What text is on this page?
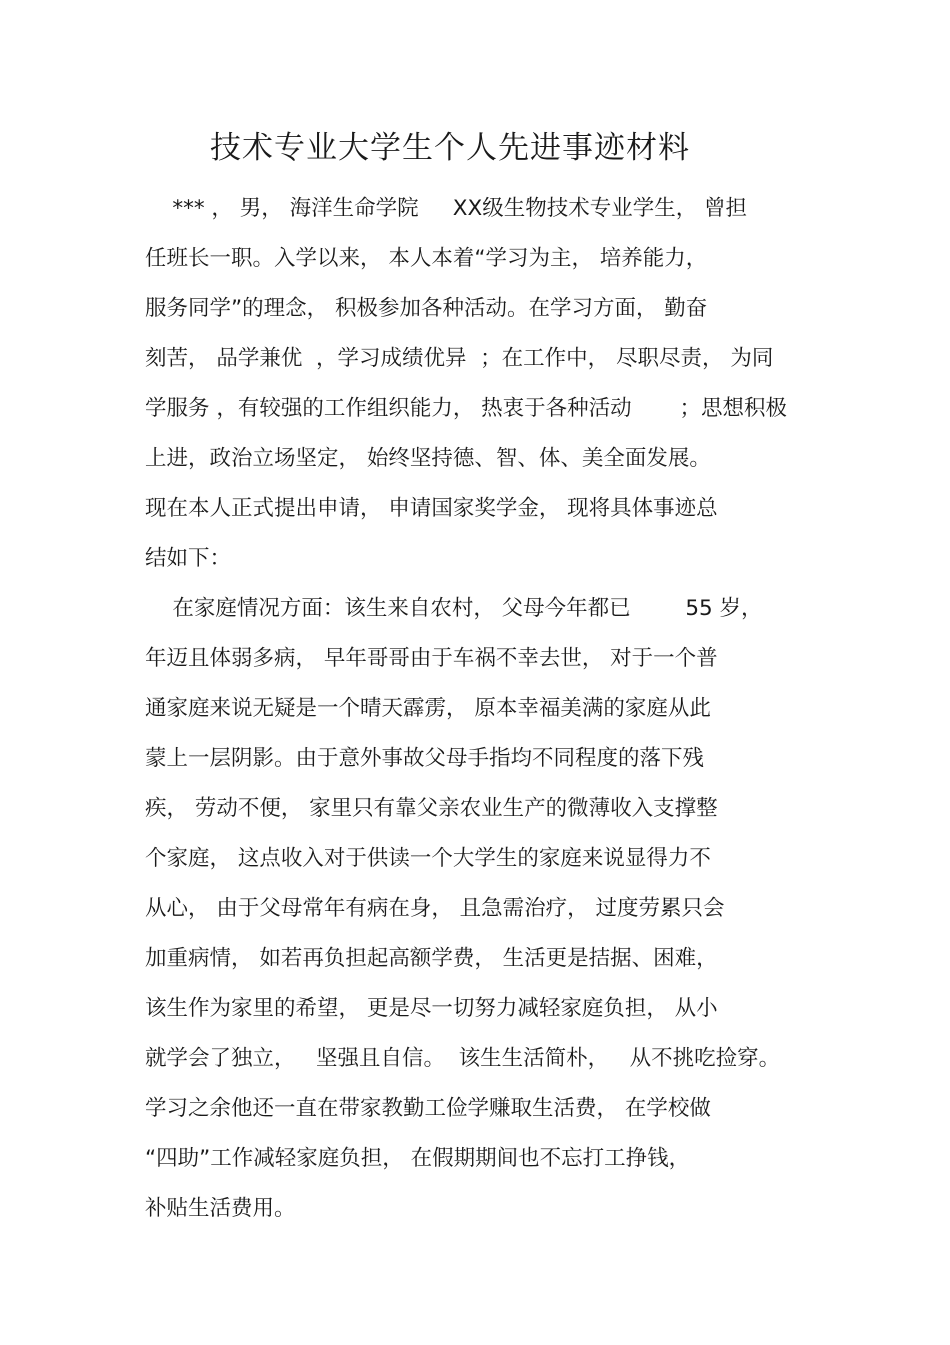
技术专业大学生个人先进事迹材料
*** ， 男， 海洋生命学院     XX级生物技术专业学生， 曾担
任班长一职。入学以来， 本人本着“学习为主， 培养能力，
服务同学”的理念， 积极参加各种活动。在学习方面， 勤奋
刻苦， 品学兼优  ，学习成绩优异  ；在工作中， 尽职尽责， 为同
学服务 ，有较强的工作组织能力， 热衷于各种活动       ；思想积极
上进，政治立场坚定， 始终坚持德、智、体、美全面发展。
现在本人正式提出申请， 申请国家奖学金， 现将具体事迹总
结如下：
在家庭情况方面：该生来自农村， 父母今年都已        55 岁，
年迈且体弱多病， 早年哥哥由于车祸不幸去世， 对于一个普
通家庭来说无疑是一个晴天霹雳， 原本幸福美满的家庭从此
蒙上一层阴影。由于意外事故父母手指均不同程度的落下残
疾， 劳动不便， 家里只有靠父亲农业生产的微薄收入支撑整
个家庭， 这点收入对于供读一个大学生的家庭来说显得力不
从心， 由于父母常年有病在身， 且急需治疗， 过度劳累只会
加重病情， 如若再负担起高额学费， 生活更是拮据、困难，
该生作为家里的希望， 更是尽一切努力减轻家庭负担， 从小
就学会了独立，   坚强且自信。  该生生活简朴，   从不挑吃捡穿。
学习之余他还一直在带家教勤工俭学赚取生活费， 在学校做
“四助”工作减轻家庭负担， 在假期期间也不忘打工挣钱，
补贴生活费用。
